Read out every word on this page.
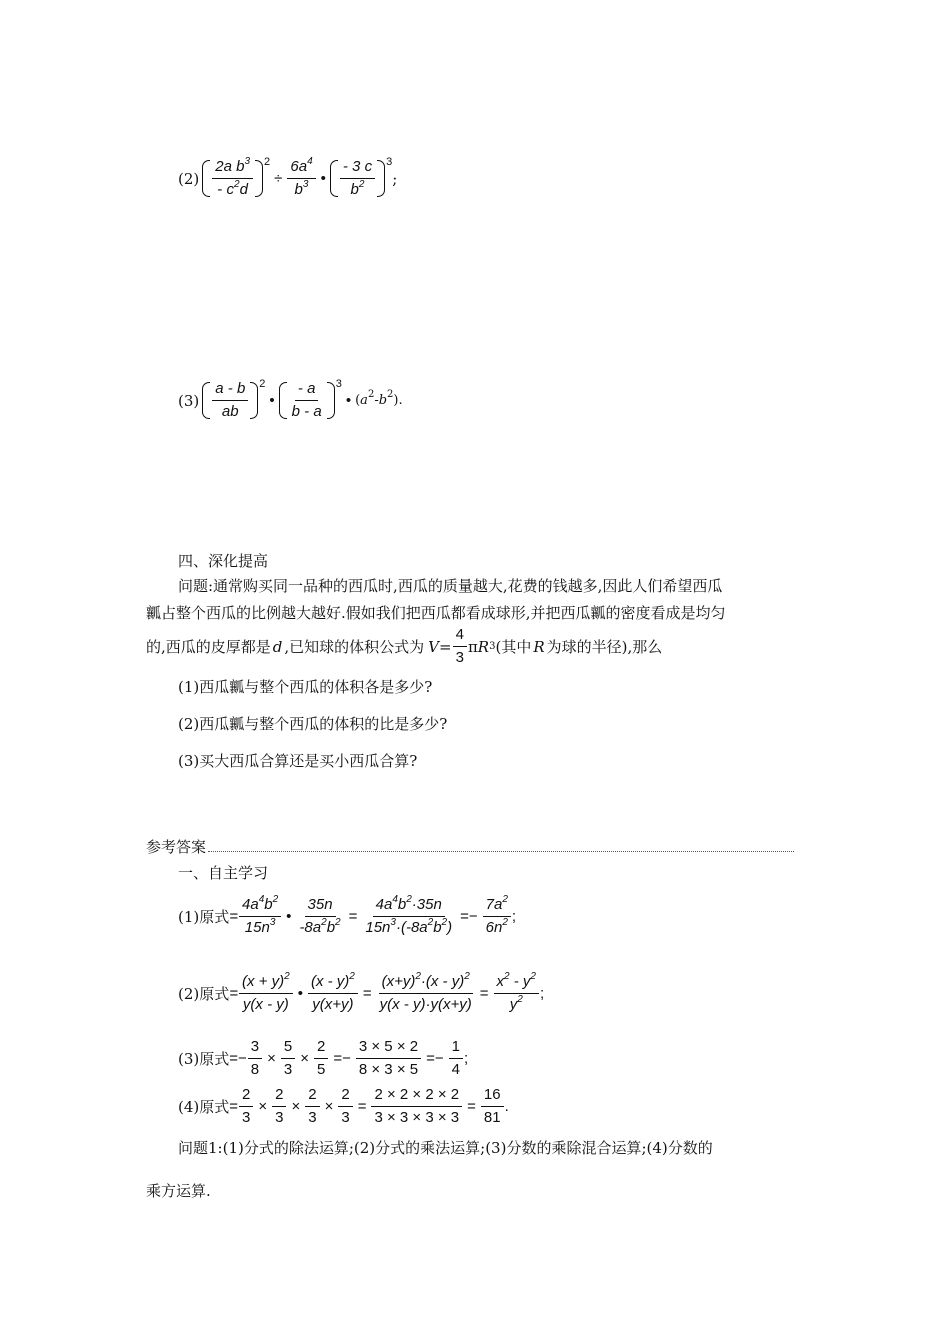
$(2) \frac{2a b^3}{- c^2d} 2$
÷ $\frac{6a^4}{b^3}$ • $\frac{- 3 c}{b^2} 3$
;
$(3) \frac{a - b}{ab} 2$
• $\frac{- a}{b - a} 3$
• $(a^2-b^2)$.
四、深化提高
问题:通常购买同一品种的西瓜时,西瓜的质量越大,花费的钱越多,因此人们希望西瓜
瓤占整个西瓜的比例越大越好.假如我们把西瓜都看成球形,并把西瓜瓤的密度看成是均匀
的,西瓜的皮厚都是 d ,已知球的体积公式为 $V = \frac{4}{3}$ π R 3 (其中 R 为球的半径),那么
(1)西瓜瓤与整个西瓜的体积各是多少?
(2)西瓜瓤与整个西瓜的体积的比是多少?
(3)买大西瓜合算还是买小西瓜合算?
参考答案
一、自主学习
(1)原式 = $\frac{4a^4b^2}{15n^3}$ • $\frac{35n}{-8a^2b^2} = \frac{4a^4b^2\cdot 35n}{15n^3\cdot(-8a^2b^2)} =- \frac{7a^2}{6n^2}$ ;
(2)原式 = $\frac{(x + y)^2}{y(x - y)}$ • $\frac{(x - y)^2}{y(x+y)} = \frac{(x+y)^2\cdot(x - y)^2}{y(x - y)\cdot y(x+y)} = \frac{x^2 - y^2}{y^2}$ ;
(3)原式 =− $\frac{3}{8} \times \frac{5}{3} \times \frac{2}{5} =- \frac{3 \times 5 \times 2}{8 \times 3 \times 5} =- \frac{1}{4}$ ;
(4)原式 = $\frac{2}{3} \times \frac{2}{3} \times \frac{2}{3} \times \frac{2}{3} = \frac{2 \times 2 \times 2 \times 2}{3 \times 3 \times 3 \times 3} = \frac{16}{81}$ .
问题1:(1)分式的除法运算;(2)分式的乘法运算;(3)分数的乘除混合运算;(4)分数的
乘方运算.
